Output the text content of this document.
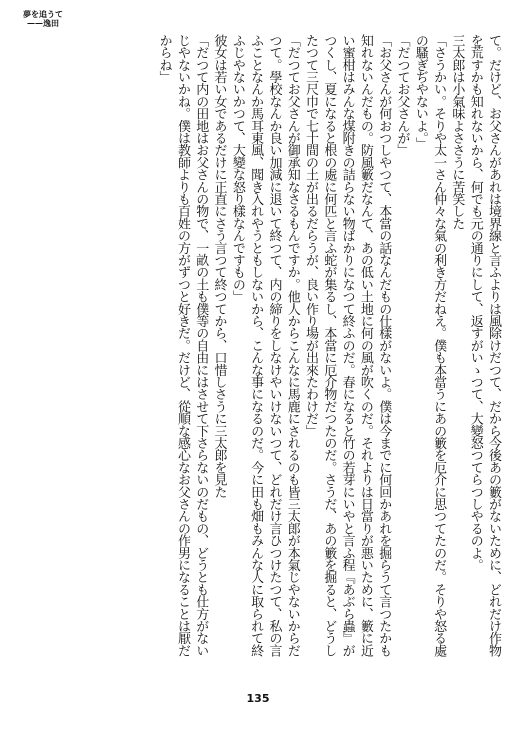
夢を追うて
——逸田

て。だけど、お父さんがあれは境界線と言ふよりは風除けだつて、だから今後あの籔がないために、どれだけ作物を荒すかも知れないから、何でも元の通りにして、返すがいゝつて、大變怒つてらつしやるのよ。

三太郎は小氣味よささうに苦笑した

「さうかい。そりや太一さん仲々な氣の利き方だねえ。僕も本當うにあの籔を厄介に思つてたのだ。そりや怒る處の騷ぎぢやないよ。」

「だつてお父さんが」

「お父さんが何おつしやつて、本當の話なんだもの仕樣がないよ。僕は今までに何回かあれを掘らうて言つたかも知れないんだもの。防風籔だなんて、あの低い土地に何の風が吹くのだ。それよりは日當りが悪いために、籔に近い蜜柑はみんな煤附きの詰らない物ばかりになつて終ふのだ。春になると竹の若芽にいやと言ふ程『あぶら蟲』がつくし、夏になると根の處に何匹と言ふ蛇が集るし、本當に厄介物だつたのだ。さうだ、あの籔を掘ると、どうしたつて三尺巾で七十間の土が出るだらうが、良い作り場が出來たわけだ」

「だつてお父さんが御承知なさるもんですか。他人からこんなに馬鹿にされるのも皆三太郎が本氣じやないからだつて。學校なんか良い加減に退いて終つて、内の締りをしなけやいけないつて、どれだけ言ひつけたつて、私の言ふことなんか馬耳東風、聞き入れやうともしないから、こんな事になるのだ。今に田も畑もみんな人に取られて終ふじやないかつて、大變な怒り樣なんですもの」

彼女は若い女であるだけに正直にさう言つて終つてから、口惜しさうに三太郎を見た

「だつて内の田地はお父さんの物で、一畝の土も僕等の自由にはさせて下さらないのだもの、どうとも仕方がないじやないかね。僕は教師よりも百姓の方がずつと好きだ。だけど、從順な感心なお父さんの作男になることは厭だからね」

135
